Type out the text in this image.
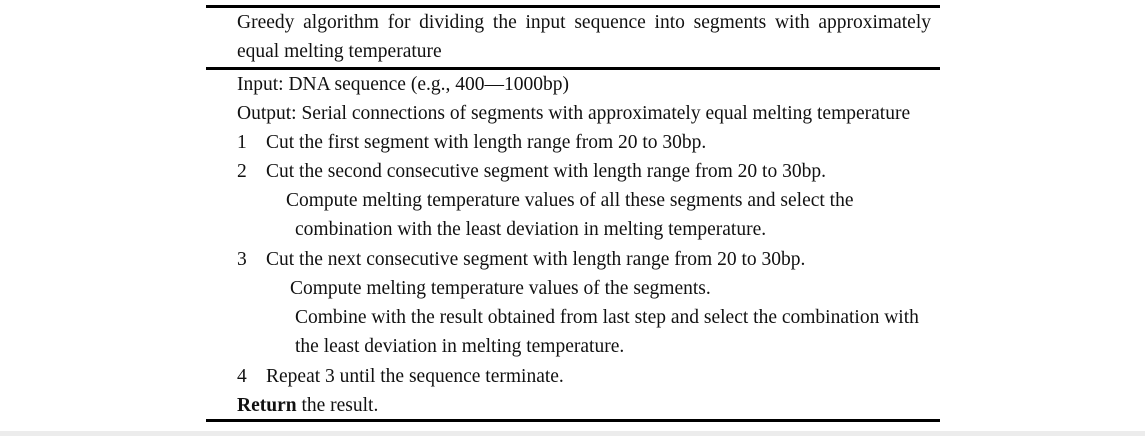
Greedy algorithm for dividing the input sequence into segments with approximately
equal melting temperature
Input: DNA sequence (e.g., 400—1000bp)
Output: Serial connections of segments with approximately equal melting temperature
1 Cut the first segment with length range from 20 to 30bp.
2 Cut the second consecutive segment with length range from 20 to 30bp.
Compute melting temperature values of all these segments and select the
combination with the least deviation in melting temperature.
3 Cut the next consecutive segment with length range from 20 to 30bp.
Compute melting temperature values of the segments.
Combine with the result obtained from last step and select the combination with
the least deviation in melting temperature.
4 Repeat 3 until the sequence terminate.
Return the result.
